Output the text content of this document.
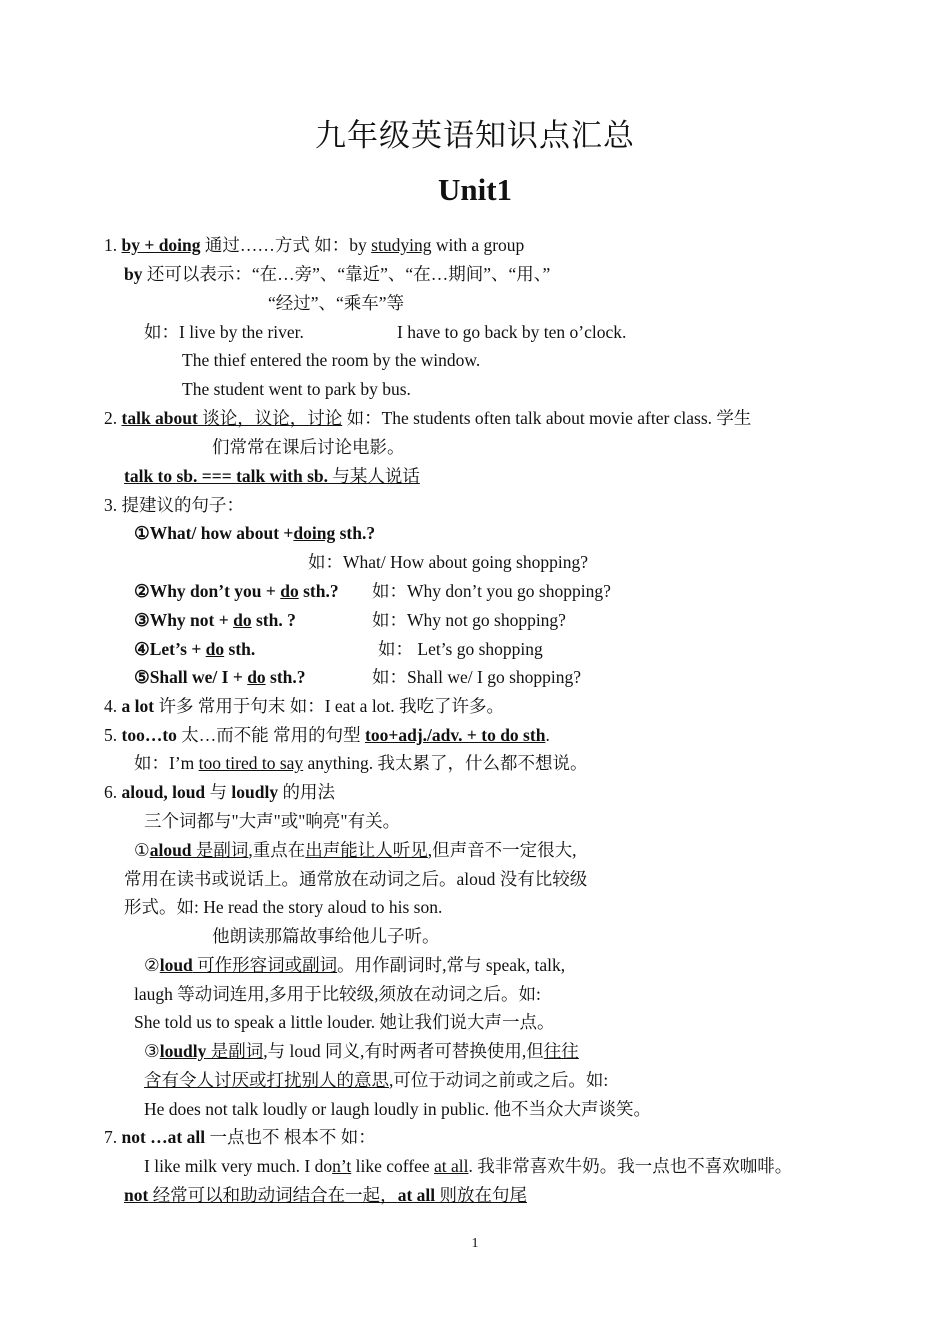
九年级英语知识点汇总
Unit1
1. by + doing 通过……方式 如：by studying with a group
by 还可以表示：“在…旁”、“靠近”、“在…期间”、“用、”
“经过”、“乘车”等
如：I live by the river.	I have to go back by ten o’clock.
The thief entered the room by the window.
The student went to park by bus.
2. talk about 谈论，议论，讨论 如：The students often talk about movie after class. 学生
们常常在课后讨论电影。
talk to sb. === talk with sb. 与某人说话
3. 提建议的句子：
①What/ how about +doing sth.?
如：What/ How about going shopping?
②Why don’t you + do sth.? 如：Why don’t you go shopping?
③Why not + do sth. ?	如：Why not go shopping?
④Let’s + do sth.	如： Let’s go shopping
⑤Shall we/ I + do sth.?	如：Shall we/ I go shopping?
4. a lot 许多 常用于句末 如：I eat a lot. 我吃了许多。
5. too…to 太…而不能 常用的句型 too+adj./adv. + to do sth.
如：I’m too tired to say anything. 我太累了，什么都不想说。
6. aloud, loud 与 loudly 的用法
三个词都与"大声"或"响亮"有关。
①aloud 是副词,重点在出声能让人听见,但声音不一定很大,
常用在读书或说话上。通常放在动词之后。aloud 没有比较级
形式。如: He read the story aloud to his son.
他朗读那篇故事给他儿子听。
②loud 可作形容词或副词。用作副词时,常与 speak, talk,
laugh 等动词连用,多用于比较级,须放在动词之后。如:
She told us to speak a little louder. 她让我们说大声一点。
③loudly 是副词,与 loud 同义,有时两者可替换使用,但往往
含有令人讨厌或打扰别人的意思,可位于动词之前或之后。如:
He does not talk loudly or laugh loudly in public. 他不当众大声谈笑。
7. not …at all 一点也不 根本不 如：
I like milk very much. I don’t like coffee at all. 我非常喜欢牛奶。我一点也不喜欢咖啡。
not 经常可以和助动词结合在一起，at all 则放在句尾
1
